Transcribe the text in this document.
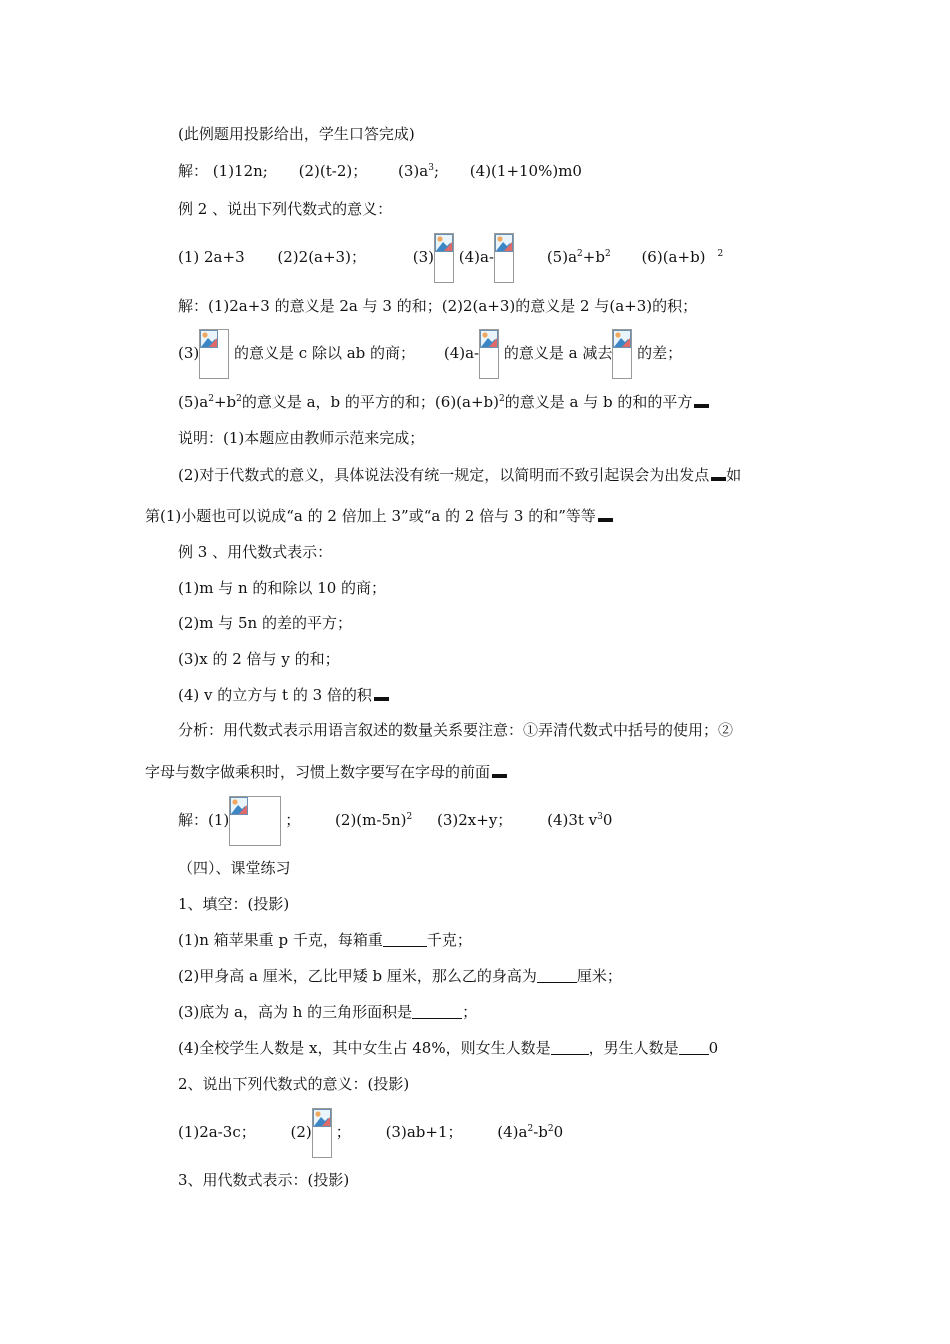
(此例题用投影给出，学生口答完成)
解： (1)12n; (2)(t-2)； $(3)a^3$; (4)(1+10%)m0
例 2 、说出下列代数式的意义：
(1) 2a+3 (2)2(a+3)；	(3) (4)a-	$(5)a^2+b^2$ (6)(a+b) $^2$
解：(1)2a+3 的意义是 2a 与 3 的和；(2)2(a+3)的意义是 2 与(a+3)的积；
(3) 的意义是 c 除以 ab 的商； (4)a- 的意义是 a 减去 的差；
$(5)a^2+b^2$的意义是 a，b 的平方的和；$(6)(a+b)^2$的意义是 a 与 b 的和的平方
说明：(1)本题应由教师示范来完成；
(2)对于代数式的意义，具体说法没有统一规定，以简明而不致引起误会为出发点 如
第(1)小题也可以说成“a 的 2 倍加上 3”或“a 的 2 倍与 3 的和”等等
例 3 、用代数式表示：
(1)m 与 n 的和除以 10 的商；
(2)m 与 5n 的差的平方；
(3)x 的 2 倍与 y 的和；
(4) v 的立方与 t 的 3 倍的积
分析：用代数式表示用语言叙述的数量关系要注意：①弄清代数式中括号的使用；②
字母与数字做乘积时，习惯上数字要写在字母的前面
解：(1)	； $(2)(m-5n)^2$ (3)2x+y； (4)3t $v^30$
（四）、课堂练习
1、填空：(投影)
(1)n 箱苹果重 p 千克，每箱重	千克；
(2)甲身高 a 厘米，乙比甲矮 b 厘米，那么乙的身高为	厘米；
(3)底为 a，高为 h 的三角形面积是	；
(4)全校学生人数是 x，其中女生占 48%，则女生人数是	，男生人数是 0
2、说出下列代数式的意义：(投影)
(1)2a-3c； (2) ； (3)ab+1； $(4)a^2-b^20$
3、用代数式表示：(投影)
